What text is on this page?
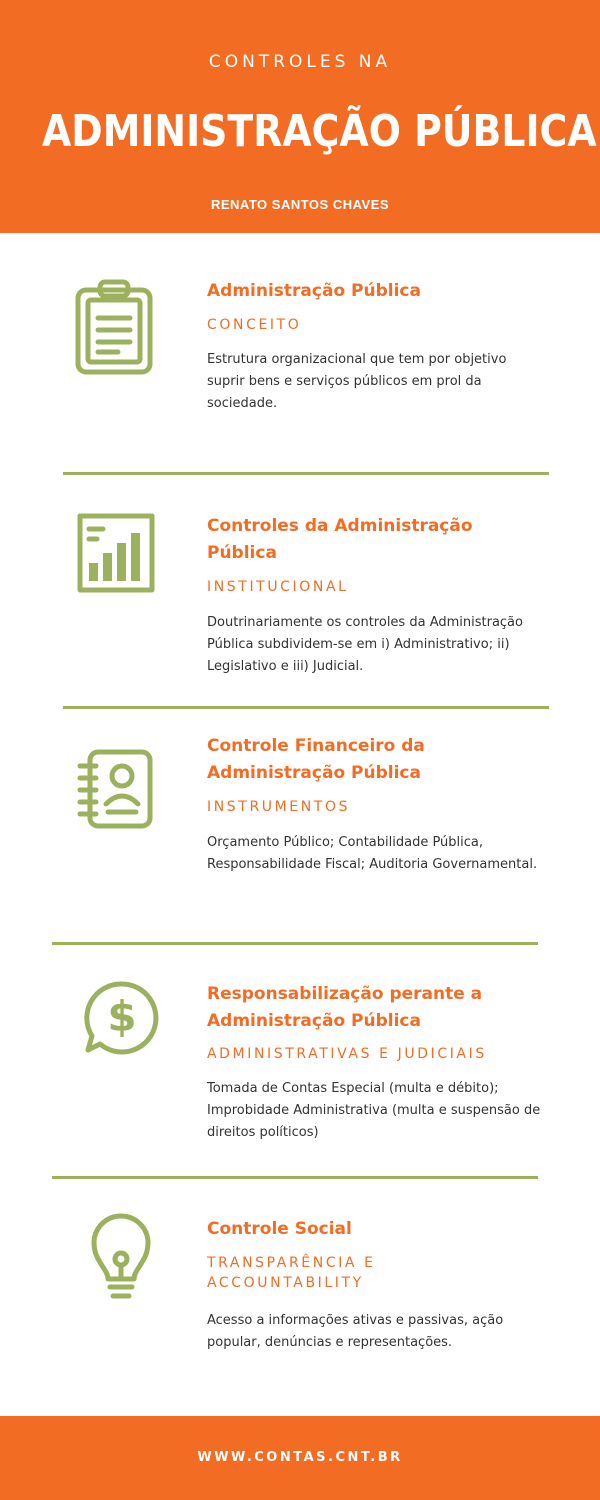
CONTROLES NA
ADMINISTRAÇÃO PÚBLICA
RENATO SANTOS CHAVES
Administração Pública
CONCEITO
Estrutura organizacional que tem por objetivo suprir bens e serviços públicos em prol da sociedade.
Controles da Administração Pública
INSTITUCIONAL
Doutrinariamente os controles da Administração Pública subdividem-se em i) Administrativo; ii) Legislativo e iii) Judicial.
Controle Financeiro da Administração Pública
INSTRUMENTOS
Orçamento Público; Contabilidade Pública, Responsabilidade Fiscal; Auditoria Governamental.
$	Responsabilização perante a Administração Pública
ADMINISTRATIVAS E JUDICIAIS
Tomada de Contas Especial (multa e débito); Improbidade Administrativa (multa e suspensão de direitos políticos)
Controle Social
TRANSPARÊNCIA E ACCOUNTABILITY
Acesso a informações ativas e passivas, ação popular, denúncias e representações.
WWW.CONTAS.CNT.BR
